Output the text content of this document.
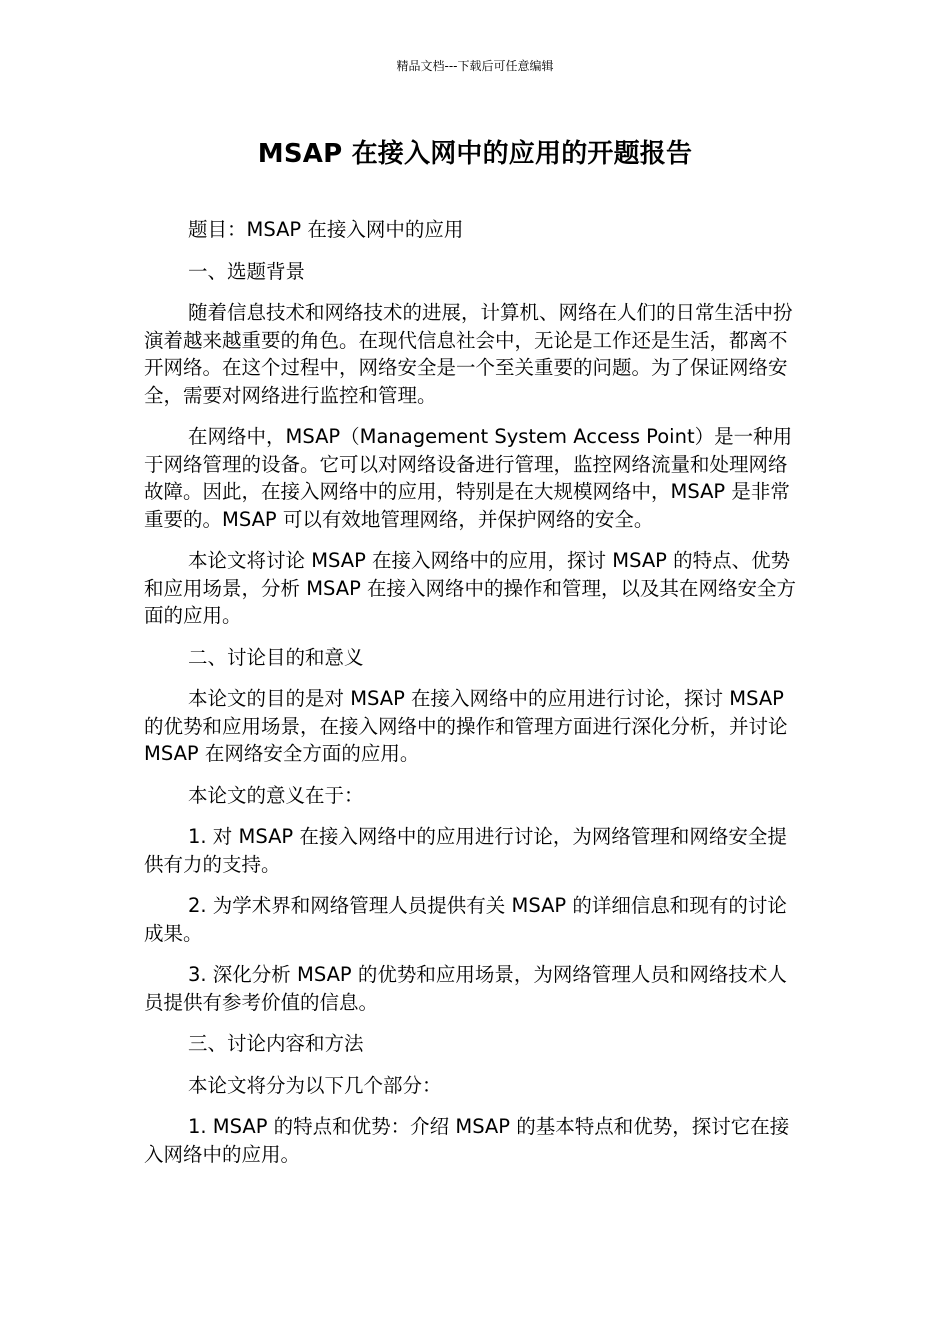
精品文档---下载后可任意编辑
MSAP 在接入网中的应用的开题报告

题目：MSAP 在接入网中的应用

一、选题背景

随着信息技术和网络技术的进展，计算机、网络在人们的日常生活中扮演着越来越重要的角色。在现代信息社会中，无论是工作还是生活，都离不开网络。在这个过程中，网络安全是一个至关重要的问题。为了保证网络安全，需要对网络进行监控和管理。

在网络中，MSAP（Management System Access Point）是一种用于网络管理的设备。它可以对网络设备进行管理，监控网络流量和处理网络故障。因此，在接入网络中的应用，特别是在大规模网络中，MSAP 是非常重要的。MSAP 可以有效地管理网络，并保护网络的安全。

本论文将讨论 MSAP 在接入网络中的应用，探讨 MSAP 的特点、优势和应用场景，分析 MSAP 在接入网络中的操作和管理，以及其在网络安全方面的应用。

二、讨论目的和意义

本论文的目的是对 MSAP 在接入网络中的应用进行讨论，探讨 MSAP 的优势和应用场景，在接入网络中的操作和管理方面进行深化分析，并讨论 MSAP 在网络安全方面的应用。

本论文的意义在于：

1. 对 MSAP 在接入网络中的应用进行讨论，为网络管理和网络安全提供有力的支持。

2. 为学术界和网络管理人员提供有关 MSAP 的详细信息和现有的讨论成果。

3. 深化分析 MSAP 的优势和应用场景，为网络管理人员和网络技术人员提供有参考价值的信息。

三、讨论内容和方法

本论文将分为以下几个部分：

1. MSAP 的特点和优势：介绍 MSAP 的基本特点和优势，探讨它在接入网络中的应用。
